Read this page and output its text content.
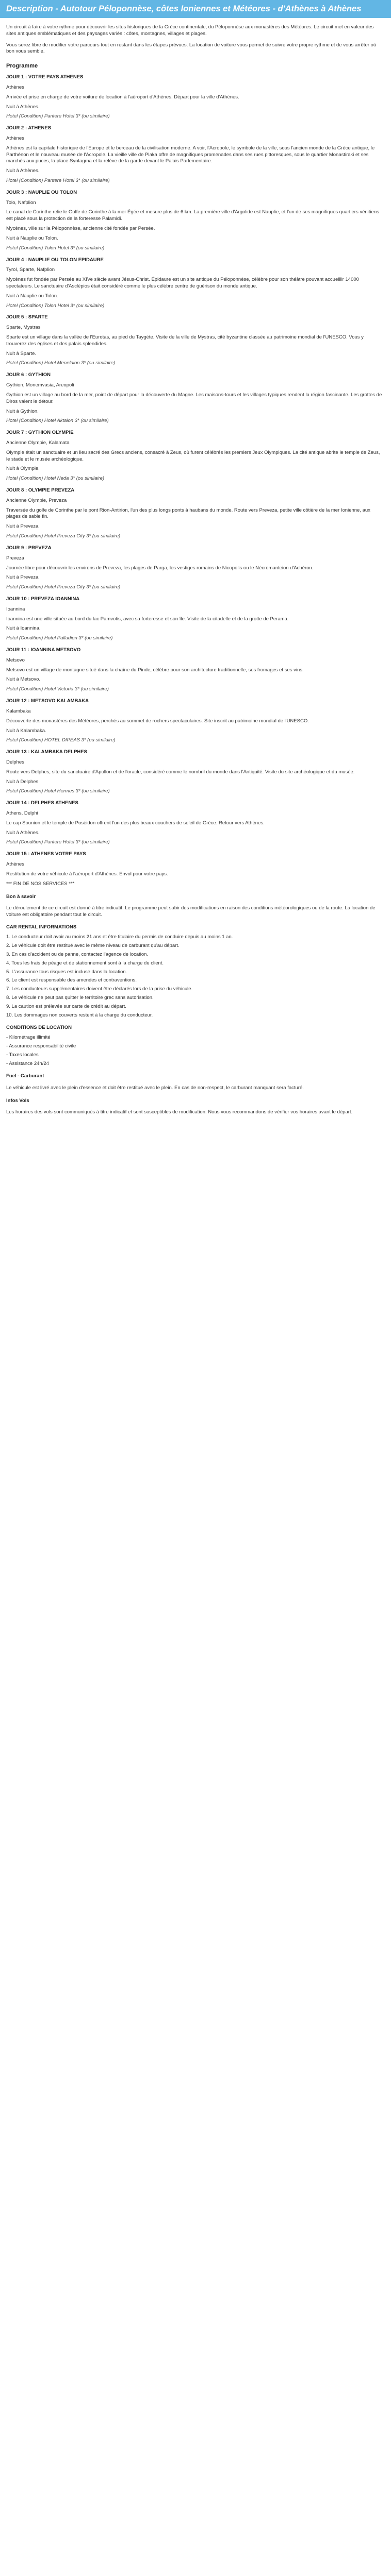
Description - Autotour Péloponnèse, côtes Ioniennes et Météores - d'Athènes à Athènes

Un circuit à faire à votre rythme pour découvrir les sites historiques de la Grèce continentale, du Péloponnèse aux monastères des Météores. Le circuit met en valeur des sites antiques emblématiques et des paysages variés : côtes, montagnes, villages et plages.

Vous serez libre de modifier votre parcours tout en restant dans les étapes prévues. La location de voiture vous permet de suivre votre propre rythme et de vous arrêter où bon vous semble.

Programme
JOUR 1 : VOTRE PAYS ATHENES

Athènes

Arrivée et prise en charge de votre voiture de location à l'aéroport d'Athènes. Départ pour la ville d'Athènes.

Nuit à Athènes.

Hotel (Condition) Pantere Hotel 3* (ou similaire)

JOUR 2 : ATHENES

Athènes

Athènes est la capitale historique de l'Europe et le berceau de la civilisation moderne. A voir, l'Acropole, le symbole de la ville, sous l'ancien monde de la Grèce antique, le Parthénon et le nouveau musée de l'Acropole. La vieille ville de Plaka offre de magnifiques promenades dans ses rues pittoresques, sous le quartier Monastiraki et ses marchés aux puces, la place Syntagma et la relève de la garde devant le Palais Parlementaire.

Nuit à Athènes.

Hotel (Condition) Pantere Hotel 3* (ou similaire)

JOUR 3 : NAUPLIE OU TOLON

Tolo, Nafplion

Le canal de Corinthe relie le Golfe de Corinthe à la mer Égée et mesure plus de 6 km. La première ville d'Argolide est Nauplie, et l'un de ses magnifiques quartiers vénitiens est placé sous la protection de la forteresse Palamidi.

Mycènes, ville sur la Péloponnèse, ancienne cité fondée par Persée.

Nuit à Nauplie ou Tolon.

Hotel (Condition) Tolon Hotel 3* (ou similaire)

JOUR 4 : NAUPLIE OU TOLON EPIDAURE

Tyrol, Sparte, Nafplion

Mycènes fut fondée par Persée au XIVe siècle avant Jésus-Christ. Épidaure est un site antique du Péloponnèse, célèbre pour son théâtre pouvant accueillir 14000 spectateurs. Le sanctuaire d'Asclépios était considéré comme le plus célèbre centre de guérison du monde antique.

Nuit à Nauplie ou Tolon.

Hotel (Condition) Tolon Hotel 3* (ou similaire)

JOUR 5 : SPARTE

Sparte, Mystras

Sparte est un village dans la vallée de l'Eurotas, au pied du Taygète. Visite de la ville de Mystras, cité byzantine classée au patrimoine mondial de l'UNESCO. Vous y trouverez des églises et des palais splendides.

Nuit à Sparte.

Hotel (Condition) Hotel Menelaion 3* (ou similaire)

JOUR 6 : GYTHION

Gythion, Monemvasia, Areopoli

Gythion est un village au bord de la mer, point de départ pour la découverte du Magne. Les maisons-tours et les villages typiques rendent la région fascinante. Les grottes de Diros valent le détour.

Nuit à Gythion.

Hotel (Condition) Hotel Aktaion 3* (ou similaire)

JOUR 7 : GYTHION OLYMPIE

Ancienne Olympie, Kalamata

Olympie était un sanctuaire et un lieu sacré des Grecs anciens, consacré à Zeus, où furent célébrés les premiers Jeux Olympiques. La cité antique abrite le temple de Zeus, le stade et le musée archéologique.

Nuit à Olympie.

Hotel (Condition) Hotel Neda 3* (ou similaire)

JOUR 8 : OLYMPIE PREVEZA

Ancienne Olympie, Preveza

Traversée du golfe de Corinthe par le pont Rion-Antirion, l'un des plus longs ponts à haubans du monde. Route vers Preveza, petite ville côtière de la mer Ionienne, aux plages de sable fin.

Nuit à Preveza.

Hotel (Condition) Hotel Preveza City 3* (ou similaire)

JOUR 9 : PREVEZA

Preveza

Journée libre pour découvrir les environs de Preveza, les plages de Parga, les vestiges romains de Nicopolis ou le Nécromanteion d'Achéron.

Nuit à Preveza.

Hotel (Condition) Hotel Preveza City 3* (ou similaire)

JOUR 10 : PREVEZA IOANNINA

Ioannina

Ioannina est une ville située au bord du lac Pamvotis, avec sa forteresse et son île. Visite de la citadelle et de la grotte de Perama.

Nuit à Ioannina.

Hotel (Condition) Hotel Palladion 3* (ou similaire)

JOUR 11 : IOANNINA METSOVO

Metsovo

Metsovo est un village de montagne situé dans la chaîne du Pinde, célèbre pour son architecture traditionnelle, ses fromages et ses vins.

Nuit à Metsovo.

Hotel (Condition) Hotel Victoria 3* (ou similaire)

JOUR 12 : METSOVO KALAMBAKA

Kalambaka

Découverte des monastères des Météores, perchés au sommet de rochers spectaculaires. Site inscrit au patrimoine mondial de l'UNESCO.

Nuit à Kalambaka.

Hotel (Condition) HOTEL DIPEAS 3* (ou similaire)

JOUR 13 : KALAMBAKA DELPHES

Delphes

Route vers Delphes, site du sanctuaire d'Apollon et de l'oracle, considéré comme le nombril du monde dans l'Antiquité. Visite du site archéologique et du musée.

Nuit à Delphes.

Hotel (Condition) Hotel Hermes 3* (ou similaire)

JOUR 14 : DELPHES ATHENES

Athens, Delphi

Le cap Sounion et le temple de Poséidon offrent l'un des plus beaux couchers de soleil de Grèce. Retour vers Athènes.

Nuit à Athènes.

Hotel (Condition) Pantere Hotel 3* (ou similaire)

JOUR 15 : ATHENES VOTRE PAYS

Athènes

Restitution de votre véhicule à l'aéroport d'Athènes. Envol pour votre pays.

*** FIN DE NOS SERVICES ***

Bon à savoir

Le déroulement de ce circuit est donné à titre indicatif. Le programme peut subir des modifications en raison des conditions météorologiques ou de la route. La location de voiture est obligatoire pendant tout le circuit.

CAR RENTAL INFORMATIONS
1. Le conducteur doit avoir au moins 21 ans et être titulaire du permis de conduire depuis au moins 1 an.
2. Le véhicule doit être restitué avec le même niveau de carburant qu'au départ.
3. En cas d'accident ou de panne, contactez l'agence de location.
4. Tous les frais de péage et de stationnement sont à la charge du client.
5. L'assurance tous risques est incluse dans la location.
6. Le client est responsable des amendes et contraventions.
7. Les conducteurs supplémentaires doivent être déclarés lors de la prise du véhicule.
8. Le véhicule ne peut pas quitter le territoire grec sans autorisation.
9. La caution est prélevée sur carte de crédit au départ.
10. Les dommages non couverts restent à la charge du conducteur.
CONDITIONS DE LOCATION
- Kilométrage illimité
- Assurance responsabilité civile
- Taxes locales
- Assistance 24h/24
Fuel - Carburant

Le véhicule est livré avec le plein d'essence et doit être restitué avec le plein. En cas de non-respect, le carburant manquant sera facturé.

Infos Vols

Les horaires des vols sont communiqués à titre indicatif et sont susceptibles de modification. Nous vous recommandons de vérifier vos horaires avant le départ.
